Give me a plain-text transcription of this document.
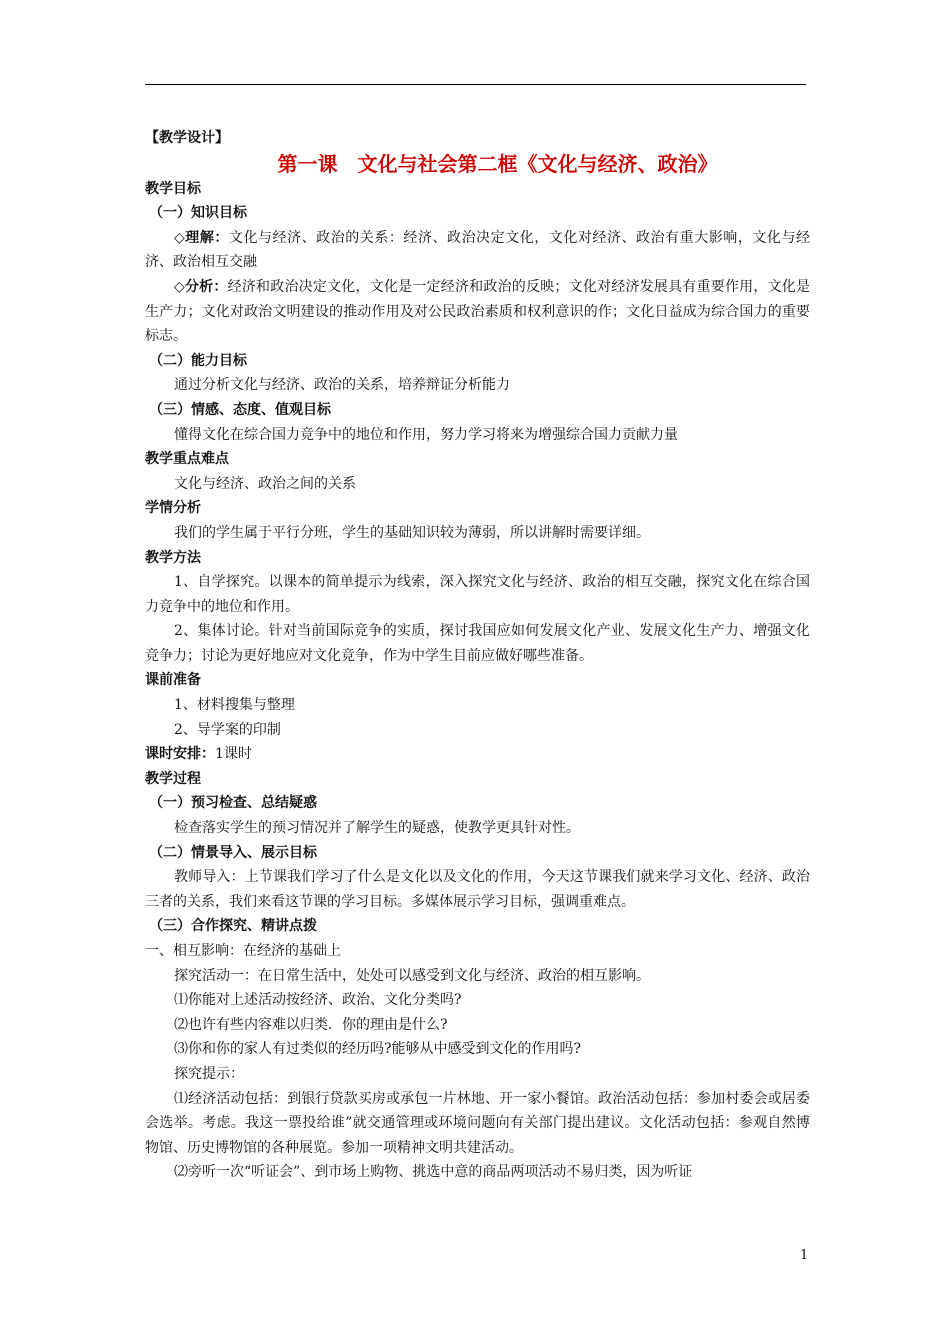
【教学设计】
第一课　文化与社会第二框《文化与经济、政治》
教学目标
（一）知识目标
◇理解：文化与经济、政治的关系：经济、政治决定文化，文化对经济、政治有重大影响，文化与经济、政治相互交融
◇分析：经济和政治决定文化，文化是一定经济和政治的反映；文化对经济发展具有重要作用，文化是生产力；文化对政治文明建设的推动作用及对公民政治素质和权利意识的作；文化日益成为综合国力的重要标志。
（二）能力目标
通过分析文化与经济、政治的关系，培养辩证分析能力
（三）情感、态度、值观目标
懂得文化在综合国力竞争中的地位和作用，努力学习将来为增强综合国力贡献力量
教学重点难点
文化与经济、政治之间的关系
学情分析
我们的学生属于平行分班，学生的基础知识较为薄弱，所以讲解时需要详细。
教学方法
1、自学探究。以课本的简单提示为线索，深入探究文化与经济、政治的相互交融，探究文化在综合国力竞争中的地位和作用。
2、集体讨论。针对当前国际竞争的实质，探讨我国应如何发展文化产业、发展文化生产力、增强文化竞争力；讨论为更好地应对文化竞争，作为中学生目前应做好哪些准备。
课前准备
1、材料搜集与整理
2、导学案的印制
课时安排：1课时
教学过程
（一）预习检查、总结疑惑
检查落实学生的预习情况并了解学生的疑惑，使教学更具针对性。
（二）情景导入、展示目标
教师导入：上节课我们学习了什么是文化以及文化的作用，今天这节课我们就来学习文化、经济、政治三者的关系，我们来看这节课的学习目标。多媒体展示学习目标，强调重难点。
（三）合作探究、精讲点拨
一、相互影响：在经济的基础上
探究活动一：在日常生活中，处处可以感受到文化与经济、政治的相互影响。
⑴你能对上述活动按经济、政治、文化分类吗?
⑵也许有些内容难以归类．你的理由是什么?
⑶你和你的家人有过类似的经历吗?能够从中感受到文化的作用吗?
探究提示：
⑴经济活动包括：到银行贷款买房或承包一片林地、开一家小餐馆。政治活动包括：参加村委会或居委会选举。考虑。我这一票投给谁”就交通管理或环境问题向有关部门提出建议。文化活动包括：参观自然博物馆、历史博物馆的各种展览。参加一项精神文明共建活动。
⑵旁听一次“听证会”、到市场上购物、挑选中意的商品两项活动不易归类，因为听证
1
